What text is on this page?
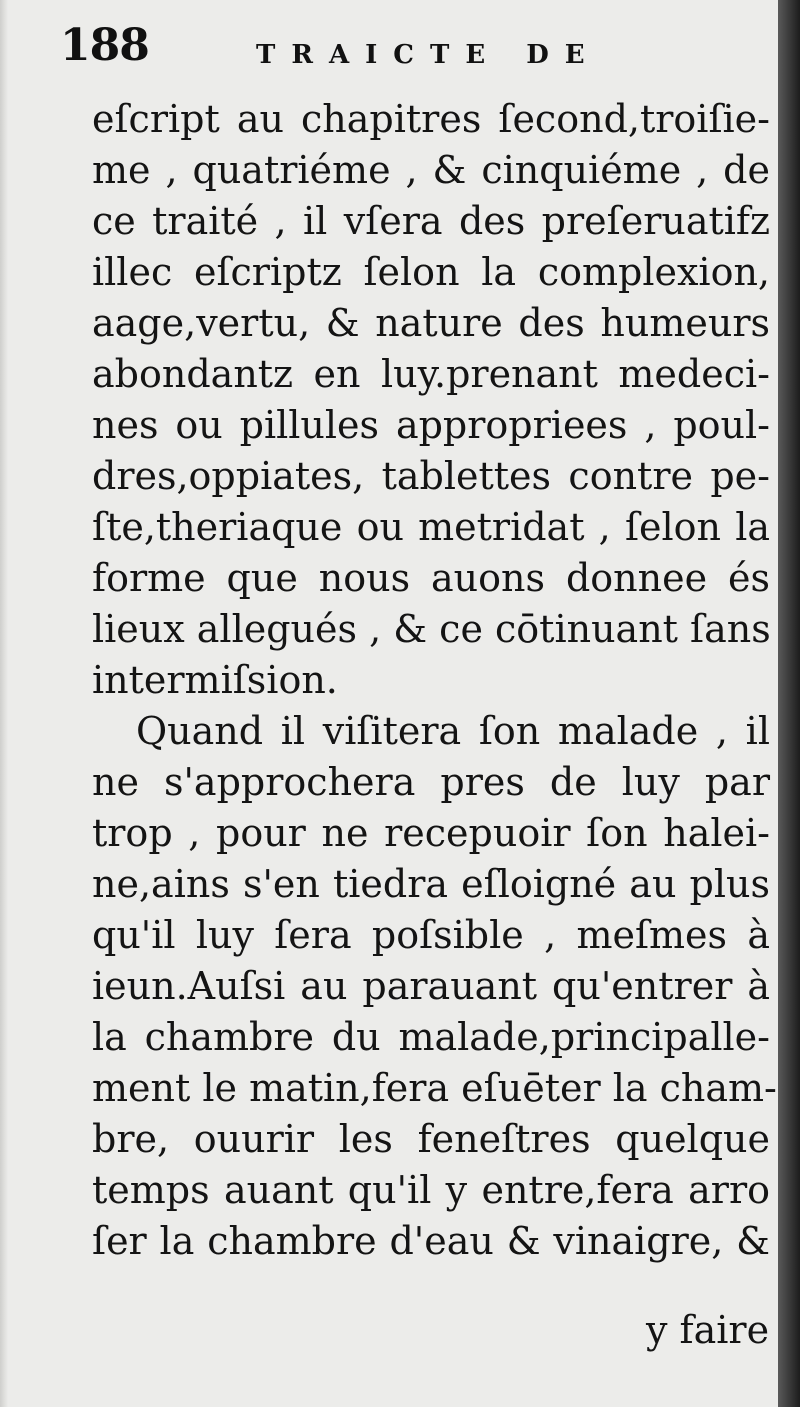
188	TRAICTE DE
eſcript au chapitres ſecond,troiſie-
me , quatriéme , & cinquiéme , de
ce traité , il vſera des preſeruatifz
illec eſcriptz ſelon la complexion,
aage,vertu, & nature des humeurs
abondantz en luy.prenant medeci-
nes ou pillules appropriees , poul-
dres,oppiates, tablettes contre pe-
ſte,theriaque ou metridat , ſelon la
forme que nous auons donnee és
lieux allegués , & ce cōtinuant ſans
intermiſsion.
Quand il viſitera ſon malade , il
ne s'approchera pres de luy par
trop , pour ne recepuoir ſon halei-
ne,ains s'en tiedra eſloigné au plus
qu'il luy ſera poſsible , meſmes à
ieun.Auſsi au parauant qu'entrer à
la chambre du malade,principalle-
ment le matin,fera eſuēter la cham-
bre, ouurir les feneſtres quelque
temps auant qu'il y entre,fera arro
ſer la chambre d'eau & vinaigre, &
y faire
